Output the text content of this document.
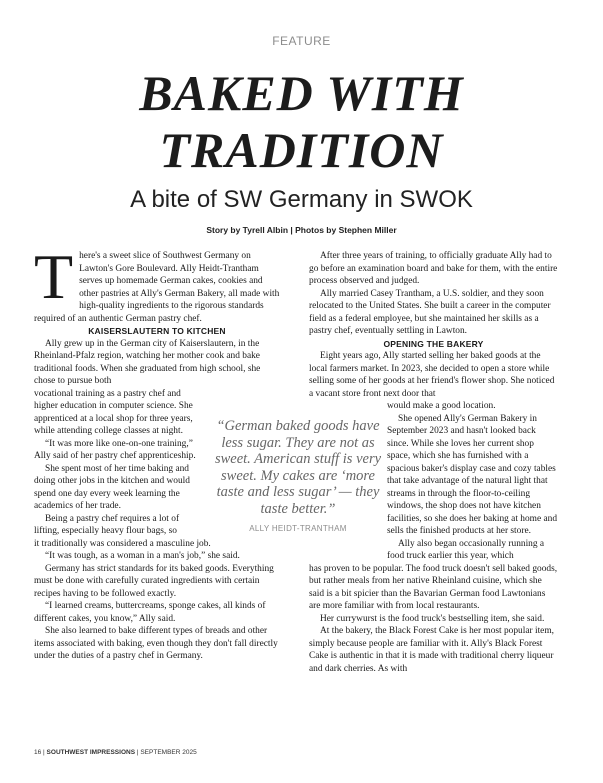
FEATURE
BAKED WITH
TRADITION
A bite of SW Germany in SWOK
Story by Tyrell Albin | Photos by Stephen Miller

There's a sweet slice of Southwest Germany on Lawton's Gore Boulevard. Ally Heidt-Trantham serves up homemade German cakes, cookies and other pastries at Ally's German Bakery, all made with high-quality ingredients to the rigorous standards required of an authentic German pastry chef.

KAISERSLAUTERN TO KITCHEN

Ally grew up in the German city of Kaiserslautern, in the Rheinland-Pfalz region, watching her mother cook and bake traditional foods. When she graduated from high school, she chose to pursue both

vocational training as a pastry chef and higher education in computer science. She apprenticed at a local shop for three years, while attending college classes at night.

“It was more like one-on-one training,” Ally said of her pastry chef apprenticeship.

She spent most of her time baking and doing other jobs in the kitchen and would spend one day every week learning the academics of her trade.

Being a pastry chef requires a lot of lifting, especially heavy flour bags, so

it traditionally was considered a masculine job.

“It was tough, as a woman in a man's job,” she said.

Germany has strict standards for its baked goods. Everything must be done with carefully curated ingredients with certain recipes having to be followed exactly.

“I learned creams, buttercreams, sponge cakes, all kinds of different cakes, you know,” Ally said.

She also learned to bake different types of breads and other items associated with baking, even though they don't fall directly under the duties of a pastry chef in Germany.

After three years of training, to officially graduate Ally had to go before an examination board and bake for them, with the entire process observed and judged.

Ally married Casey Trantham, a U.S. soldier, and they soon relocated to the United States. She built a career in the computer field as a federal employee, but she maintained her skills as a pastry chef, eventually settling in Lawton.

OPENING THE BAKERY

Eight years ago, Ally started selling her baked goods at the local farmers market. In 2023, she decided to open a store while selling some of her goods at her friend's flower shop. She noticed a vacant store front next door that

would make a good location.

She opened Ally's German Bakery in September 2023 and hasn't looked back since. While she loves her current shop space, which she has furnished with a spacious baker's display case and cozy tables that take advantage of the natural light that streams in through the floor-to-ceiling windows, the shop does not have kitchen facilities, so she does her baking at home and sells the finished products at her store.

Ally also began occasionally running a food truck earlier this year, which

has proven to be popular. The food truck doesn't sell baked goods, but rather meals from her native Rheinland cuisine, which she said is a bit spicier than the Bavarian German food Lawtonians are more familiar with from local restaurants.

Her currywurst is the food truck's bestselling item, she said.

At the bakery, the Black Forest Cake is her most popular item, simply because people are familiar with it. Ally's Black Forest Cake is authentic in that it is made with traditional cherry liqueur and dark cherries. As with

“German baked goods have less sugar. They are not as sweet. American stuff is very sweet. My cakes are ‘more taste and less sugar’ — they taste better.”
ALLY HEIDT-TRANTHAM
16 | SOUTHWEST IMPRESSIONS | SEPTEMBER 2025
